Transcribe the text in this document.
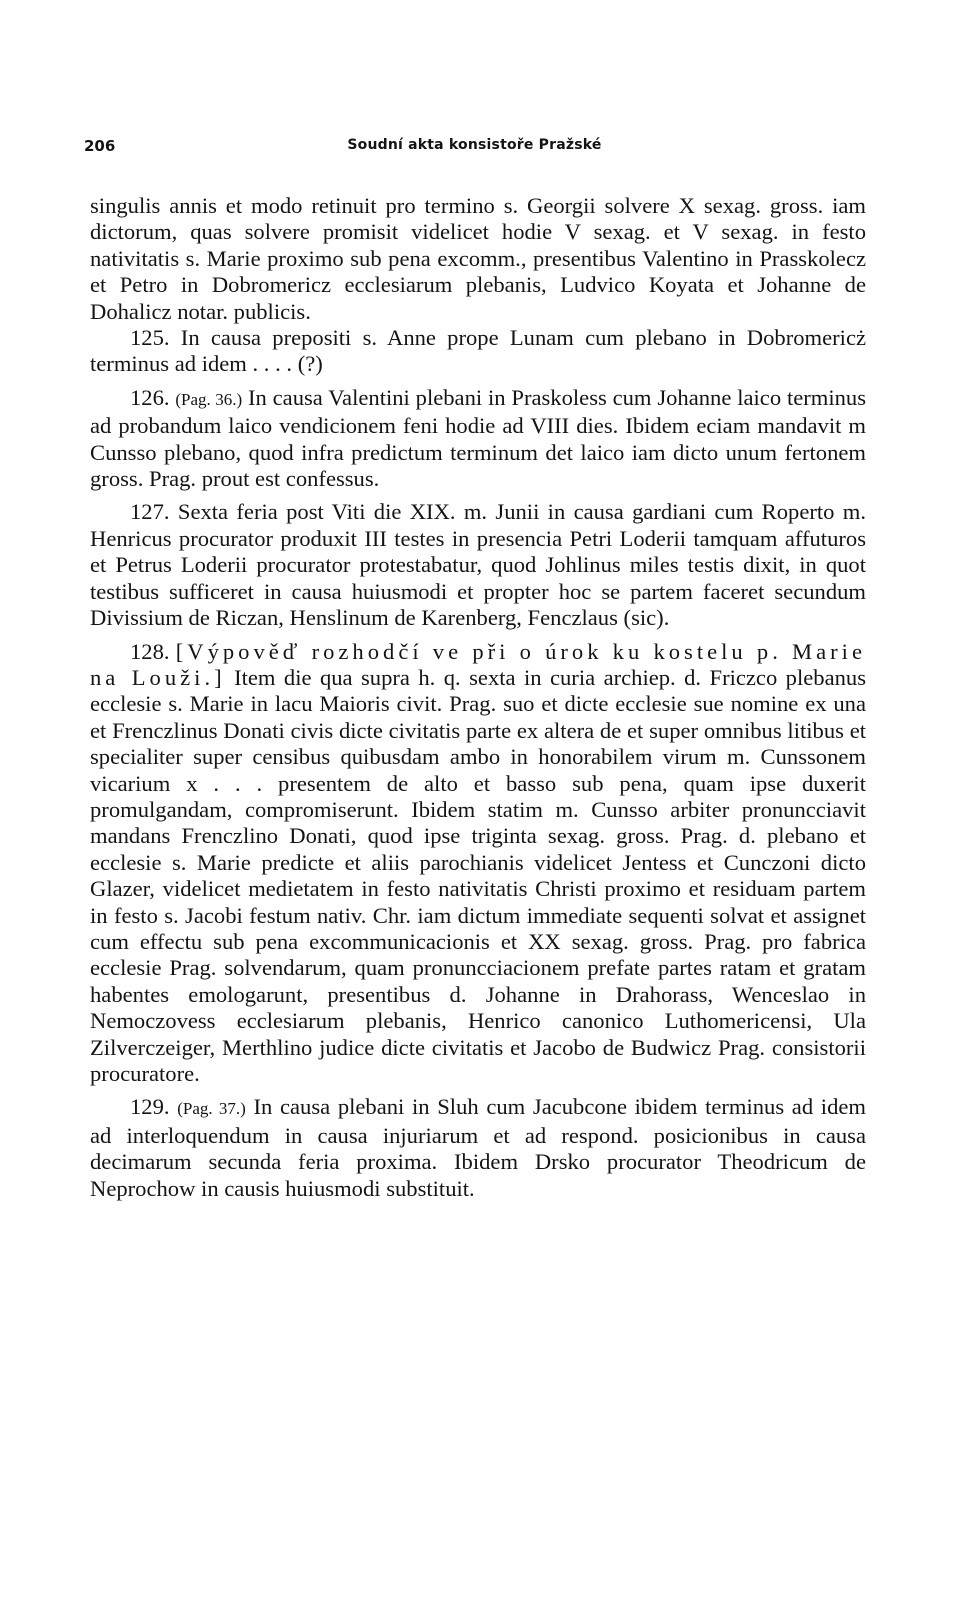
206	Soudní akta konsistoře Pražské

singulis annis et modo retinuit pro termino s. Georgii solvere X sexag. gross. iam dictorum, quas solvere promisit videlicet hodie V sexag. et V sexag. in festo nativitatis s. Marie proximo sub pena excomm., presentibus Valentino in Prasskolecz et Petro in Dobromericz ecclesiarum plebanis, Ludvico Koyata et Johanne de Dohalicz notar. publicis.

125. In causa prepositi s. Anne prope Lunam cum plebano in Dobromericż terminus ad idem . . . . (?)

126. (Pag. 36.) In causa Valentini plebani in Praskoless cum Johanne laico terminus ad probandum laico vendicionem feni hodie ad VIII dies. Ibidem eciam mandavit m Cunsso plebano, quod infra predictum terminum det laico iam dicto unum fertonem gross. Prag. prout est confessus.

127. Sexta feria post Viti die XIX. m. Junii in causa gardiani cum Roperto m. Henricus procurator produxit III testes in presencia Petri Loderii tamquam affuturos et Petrus Loderii procurator protestabatur, quod Johlinus miles testis dixit, in quot testibus sufficeret in causa huiusmodi et propter hoc se partem faceret secundum Divissium de Riczan, Henslinum de Karenberg, Fenczlaus (sic).

128. [Výpověď rozhodčí ve při o úrok ku kostelu p. Marie na Louži.] Item die qua supra h. q. sexta in curia archiep. d. Friczco plebanus ecclesie s. Marie in lacu Maioris civit. Prag. suo et dicte ecclesie sue nomine ex una et Frenczlinus Donati civis dicte civitatis parte ex altera de et super omnibus litibus et specialiter super censibus quibusdam ambo in honorabilem virum m. Cunssonem vicarium x . . . presentem de alto et basso sub pena, quam ipse duxerit promulgandam, compromiserunt. Ibidem statim m. Cunsso arbiter pronuncciavit mandans Frenczlino Donati, quod ipse triginta sexag. gross. Prag. d. plebano et ecclesie s. Marie predicte et aliis parochianis videlicet Jentess et Cunczoni dicto Glazer, videlicet medietatem in festo nativitatis Christi proximo et residuam partem in festo s. Jacobi festum nativ. Chr. iam dictum immediate sequenti solvat et assignet cum effectu sub pena excommunicacionis et XX sexag. gross. Prag. pro fabrica ecclesie Prag. solvendarum, quam pronuncciacionem prefate partes ratam et gratam habentes emologarunt, presentibus d. Johanne in Drahorass, Wenceslao in Nemoczovess ecclesiarum plebanis, Henrico canonico Luthomericensi, Ula Zilverczeiger, Merthlino judice dicte civitatis et Jacobo de Budwicz Prag. consistorii procuratore.

129. (Pag. 37.) In causa plebani in Sluh cum Jacubcone ibidem terminus ad idem ad interloquendum in causa injuriarum et ad respond. posicionibus in causa decimarum secunda feria proxima. Ibidem Drsko procurator Theodricum de Neprochow in causis huiusmodi substituit.
